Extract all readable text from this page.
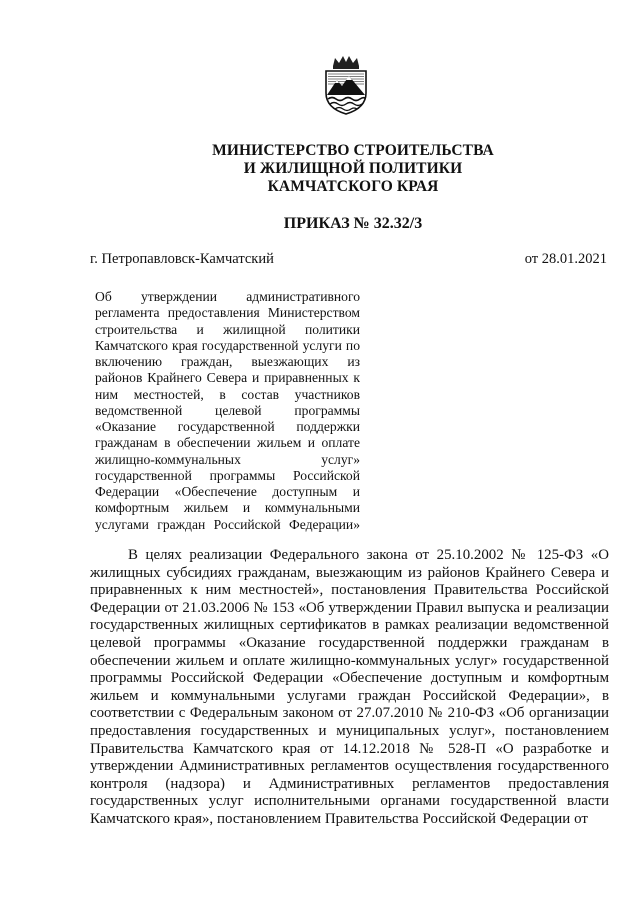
МИНИСТЕРСТВО СТРОИТЕЛЬСТВА
И ЖИЛИЩНОЙ ПОЛИТИКИ
КАМЧАТСКОГО КРАЯ
ПРИКАЗ № 32.32/3
г. Петропавловск-Камчатский	от 28.01.2021
Об утверждении административного регламента предоставления Министерством строительства и жилищной политики Камчатского края государственной услуги по включению граждан, выезжающих из районов Крайнего Севера и приравненных к ним местностей, в состав участников ведомственной целевой программы «Оказание государственной поддержки гражданам в обеспечении жильем и оплате жилищно-коммунальных услуг» государственной программы Российской Федерации «Обеспечение доступным и комфортным жильем и коммунальными услугами граждан Российской Федерации»
В целях реализации Федерального закона от 25.10.2002 № 125-ФЗ «О жилищных субсидиях гражданам, выезжающим из районов Крайнего Севера и приравненных к ним местностей», постановления Правительства Российской Федерации от 21.03.2006 № 153 «Об утверждении Правил выпуска и реализации государственных жилищных сертификатов в рамках реализации ведомственной целевой программы «Оказание государственной поддержки гражданам в обеспечении жильем и оплате жилищно-коммунальных услуг» государственной программы Российской Федерации «Обеспечение доступным и комфортным жильем и коммунальными услугами граждан Российской Федерации», в соответствии с Федеральным законом от 27.07.2010 № 210-ФЗ «Об организации предоставления государственных и муниципальных услуг», постановлением Правительства Камчатского края от 14.12.2018 № 528-П «О разработке и утверждении Административных регламентов осуществления государственного контроля (надзора) и Административных регламентов предоставления государственных услуг исполнительными органами государственной власти Камчатского края», постановлением Правительства Российской Федерации от
